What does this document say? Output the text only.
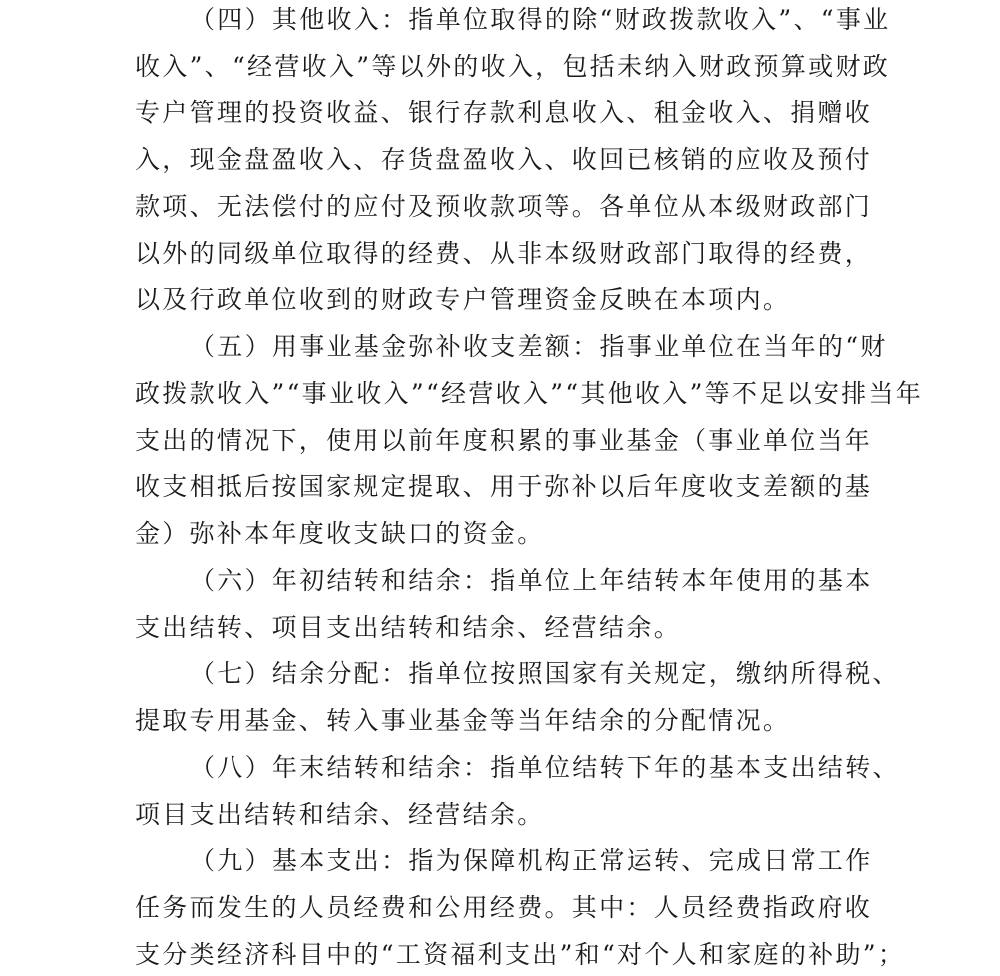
（四）其他收入：指单位取得的除“财政拨款收入”、“事业
收入”、“经营收入”等以外的收入，包括未纳入财政预算或财政
专户管理的投资收益、银行存款利息收入、租金收入、捐赠收
入，现金盘盈收入、存货盘盈收入、收回已核销的应收及预付
款项、无法偿付的应付及预收款项等。各单位从本级财政部门
以外的同级单位取得的经费、从非本级财政部门取得的经费，
以及行政单位收到的财政专户管理资金反映在本项内。
（五）用事业基金弥补收支差额：指事业单位在当年的“财
政拨款收入”“事业收入”“经营收入”“其他收入”等不足以安排当年
支出的情况下，使用以前年度积累的事业基金（事业单位当年
收支相抵后按国家规定提取、用于弥补以后年度收支差额的基
金）弥补本年度收支缺口的资金。
（六）年初结转和结余：指单位上年结转本年使用的基本
支出结转、项目支出结转和结余、经营结余。
（七）结余分配：指单位按照国家有关规定，缴纳所得税、
提取专用基金、转入事业基金等当年结余的分配情况。
（八）年末结转和结余：指单位结转下年的基本支出结转、
项目支出结转和结余、经营结余。
（九）基本支出：指为保障机构正常运转、完成日常工作
任务而发生的人员经费和公用经费。其中：人员经费指政府收
支分类经济科目中的“工资福利支出”和“对个人和家庭的补助”；
